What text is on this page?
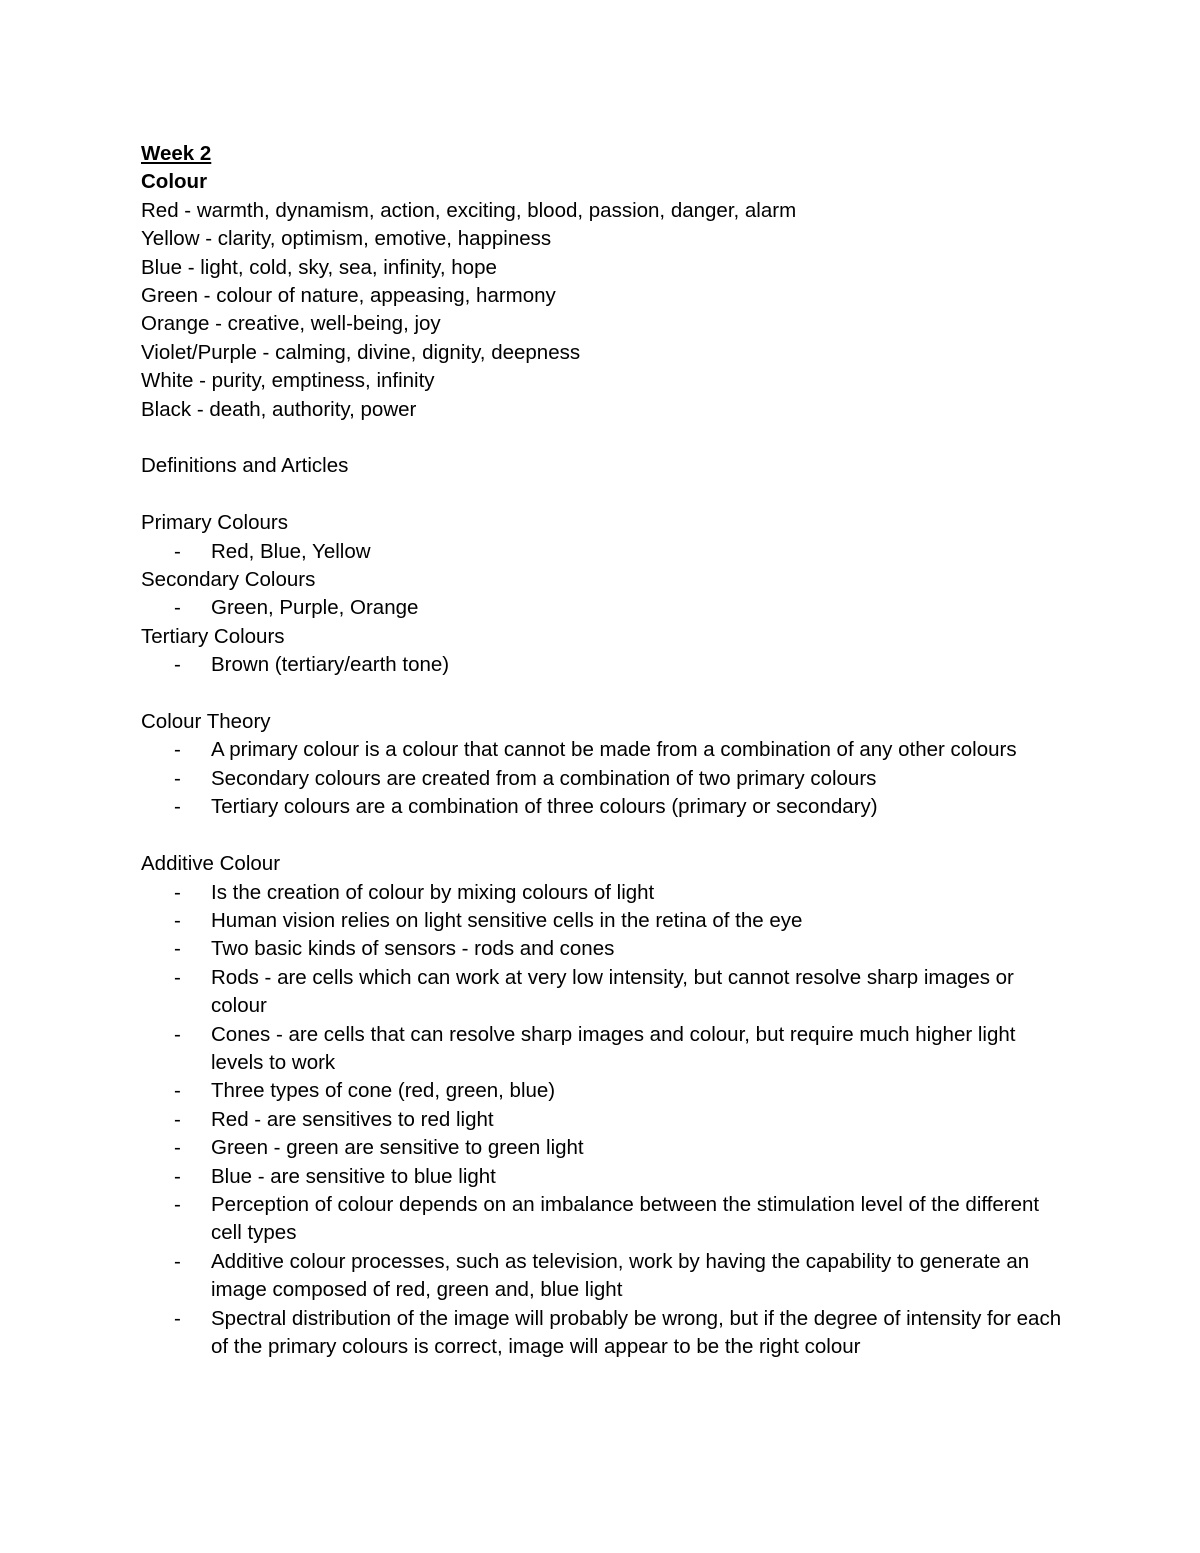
Week 2
Colour
Red - warmth, dynamism, action, exciting, blood, passion, danger, alarm
Yellow - clarity, optimism, emotive, happiness
Blue - light, cold, sky, sea, infinity, hope
Green - colour of nature, appeasing, harmony
Orange - creative, well-being, joy
Violet/Purple - calming, divine, dignity, deepness
White - purity, emptiness, infinity
Black - death, authority, power
Definitions and Articles
Primary Colours
- Red, Blue, Yellow
Secondary Colours
- Green, Purple, Orange
Tertiary Colours
- Brown (tertiary/earth tone)
Colour Theory
- A primary colour is a colour that cannot be made from a combination of any other colours
- Secondary colours are created from a combination of two primary colours
- Tertiary colours are a combination of three colours (primary or secondary)
Additive Colour
- Is the creation of colour by mixing colours of light
- Human vision relies on light sensitive cells in the retina of the eye
- Two basic kinds of sensors - rods and cones
- Rods - are cells which can work at very low intensity, but cannot resolve sharp images or colour
- Cones - are cells that can resolve sharp images and colour, but require much higher light levels to work
- Three types of cone (red, green, blue)
- Red - are sensitives to red light
- Green - green are sensitive to green light
- Blue - are sensitive to blue light
- Perception of colour depends on an imbalance between the stimulation level of the different cell types
- Additive colour processes, such as television, work by having the capability to generate an image composed of red, green and, blue light
- Spectral distribution of the image will probably be wrong, but if the degree of intensity for each of the primary colours is correct, image will appear to be the right colour
